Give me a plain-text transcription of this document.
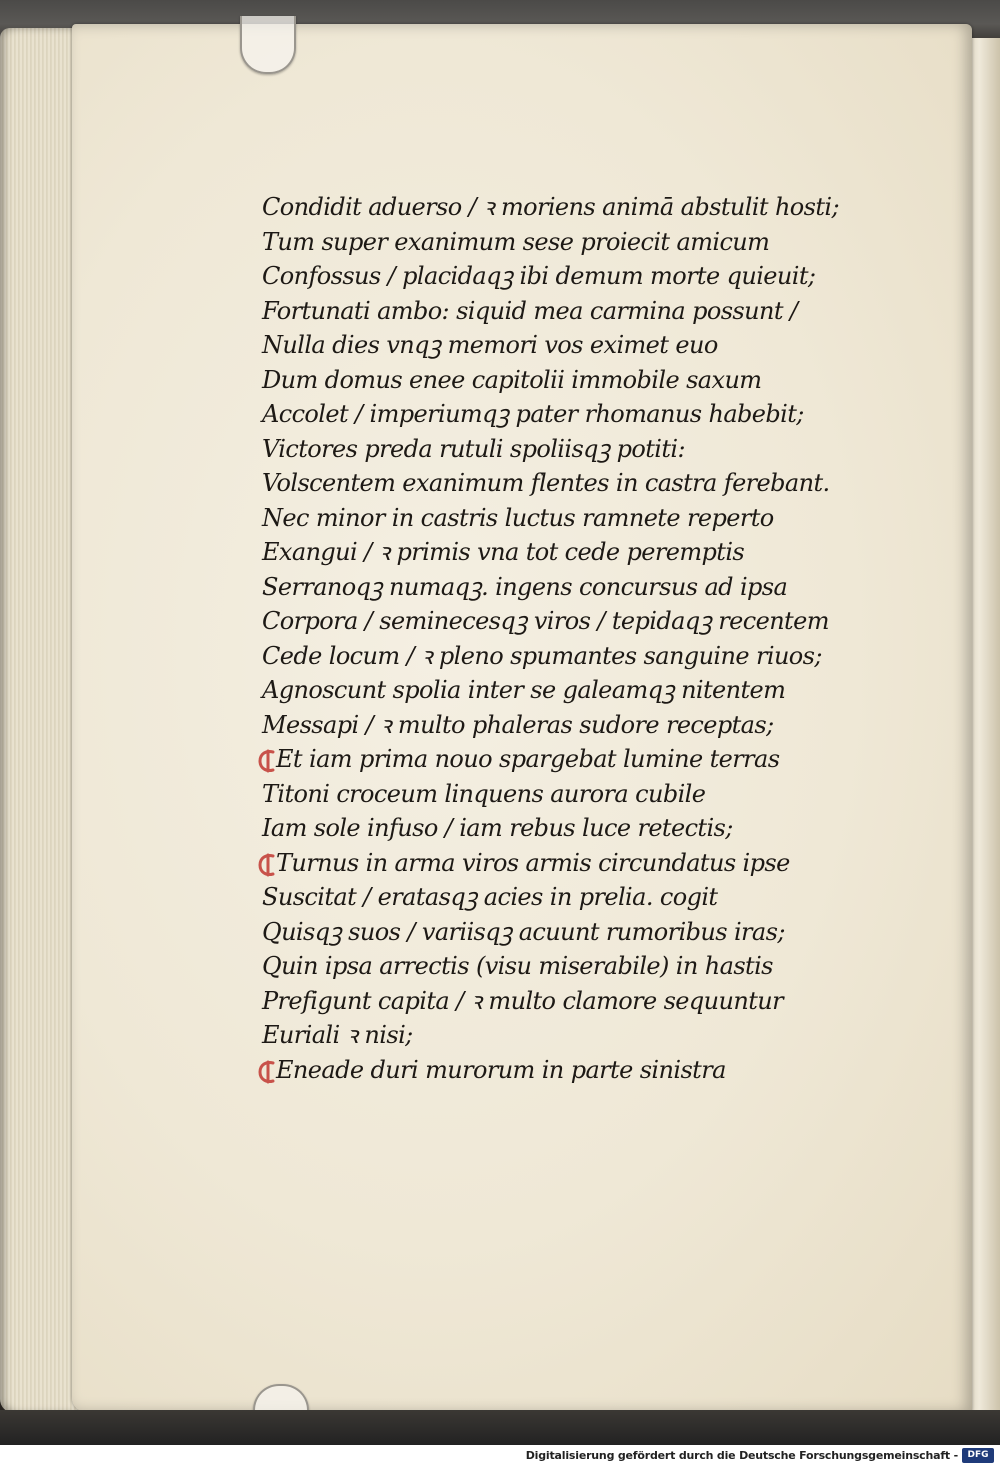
Condidit aduerso / ꝛ moriens animā abstulit hosti;
Tum super exanimum sese proiecit amicum
Confossus / placidaqꝫ ibi demum morte quieuit;
Fortunati ambo: siquid mea carmina possunt /
Nulla dies vnqꝫ memori vos eximet euo
Dum domus enee capitolii immobile saxum
Accolet / imperiumqꝫ pater rhomanus habebit;
Victores preda rutuli spoliisqꝫ potiti:
Volscentem exanimum flentes in castra ferebant.
Nec minor in castris luctus ramnete reperto
Exangui / ꝛ primis vna tot cede peremptis
Serranoqꝫ numaqꝫ. ingens concursus ad ipsa
Corpora / seminecesqꝫ viros / tepidaqꝫ recentem
Cede locum / ꝛ pleno spumantes sanguine riuos;
Agnoscunt spolia inter se galeamqꝫ nitentem
Messapi / ꝛ multo phaleras sudore receptas;
Et iam prima nouo spargebat lumine terras
Titoni croceum linquens aurora cubile
Iam sole infuso / iam rebus luce retectis;
Turnus in arma viros armis circundatus ipse
Suscitat / eratasqꝫ acies in prelia. cogit
Quisqꝫ suos / variisqꝫ acuunt rumoribus iras;
Quin ipsa arrectis (visu miserabile) in hastis
Prefigunt capita / ꝛ multo clamore sequuntur
Euriali ꝛ nisi;
Eneade duri murorum in parte sinistra
Digitalisierung gefördert durch die Deutsche Forschungsgemeinschaft -	DFG
